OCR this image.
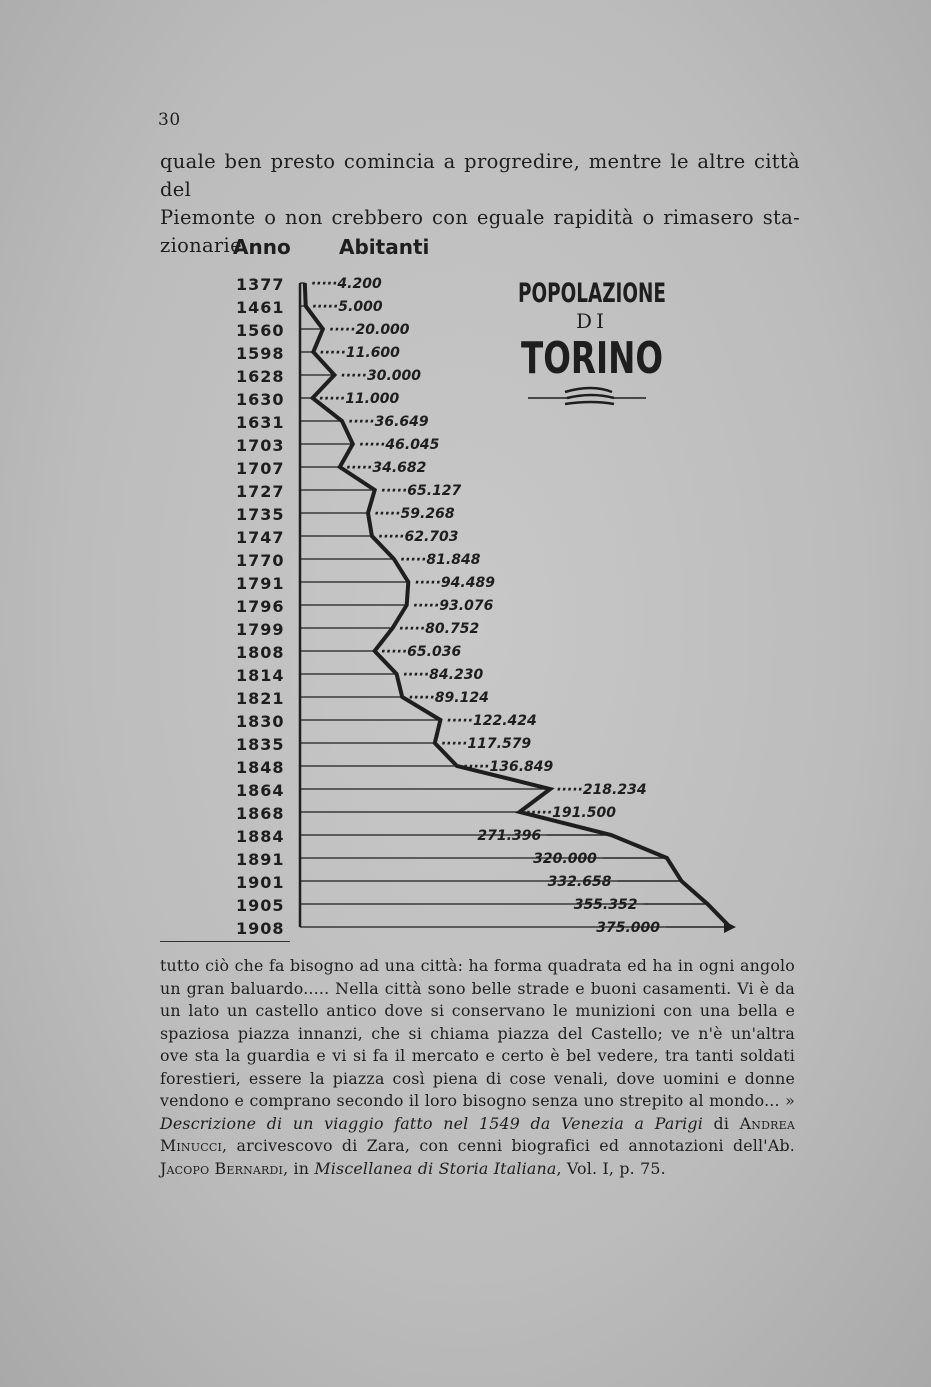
30
quale ben presto cominciа a progredire, mentre le altre città del
Piemonte o non crebbero con eguale rapidità o rimasero sta-
zionarie.
Anno Abitanti
POPOLAZIONE
DI
TORINO
1377 ·····4.200
1461 ·····5.000
1560	·····20.000
1598 ·····11.600
1628	·····30.000
1630 ·····11.000
1631	·····36.649
1703	·····46.045
1707	·····34.682
1727	·····65.127
1735	·····59.268
1747	·····62.703
1770	·····81.848
1791	·····94.489
1796	·····93.076
1799	·····80.752
1808	·····65.036
1814	·····84.230
1821	·····89.124
1830	·····122.424
1835	·····117.579
1848	·····136.849
1864	·····218.234
1868	·····191.500
1884	271.396
1891	320.000
1901	332.658
1905	355.352
1908	375.000
tutto ciò che fa bisogno ad una città: ha forma quadrata ed ha in ogni angolo un gran baluardo..... Nella città sono belle strade e buoni casamenti. Vi è da un lato un castello antico dove si conservano le munizioni con una bella e spaziosa piazza innanzi, che si chiama piazza del Castello; ve n'è un'altra ove sta la guardia e vi si fa il mercato e certo è bel vedere, tra tanti soldati forestieri, essere la piazza così piena di cose venali, dove uomini e donne vendono e comprano secondo il loro bisogno senza uno strepito al mondo... » Descrizione di un viaggio fatto nel 1549 da Venezia a Parigi di Andrea Minucci, arcivescovo di Zara, con cenni biografici ed annotazioni dell'Ab. Jacopo Bernardi, in Miscellanea di Storia Italiana, Vol. I, p. 75.
